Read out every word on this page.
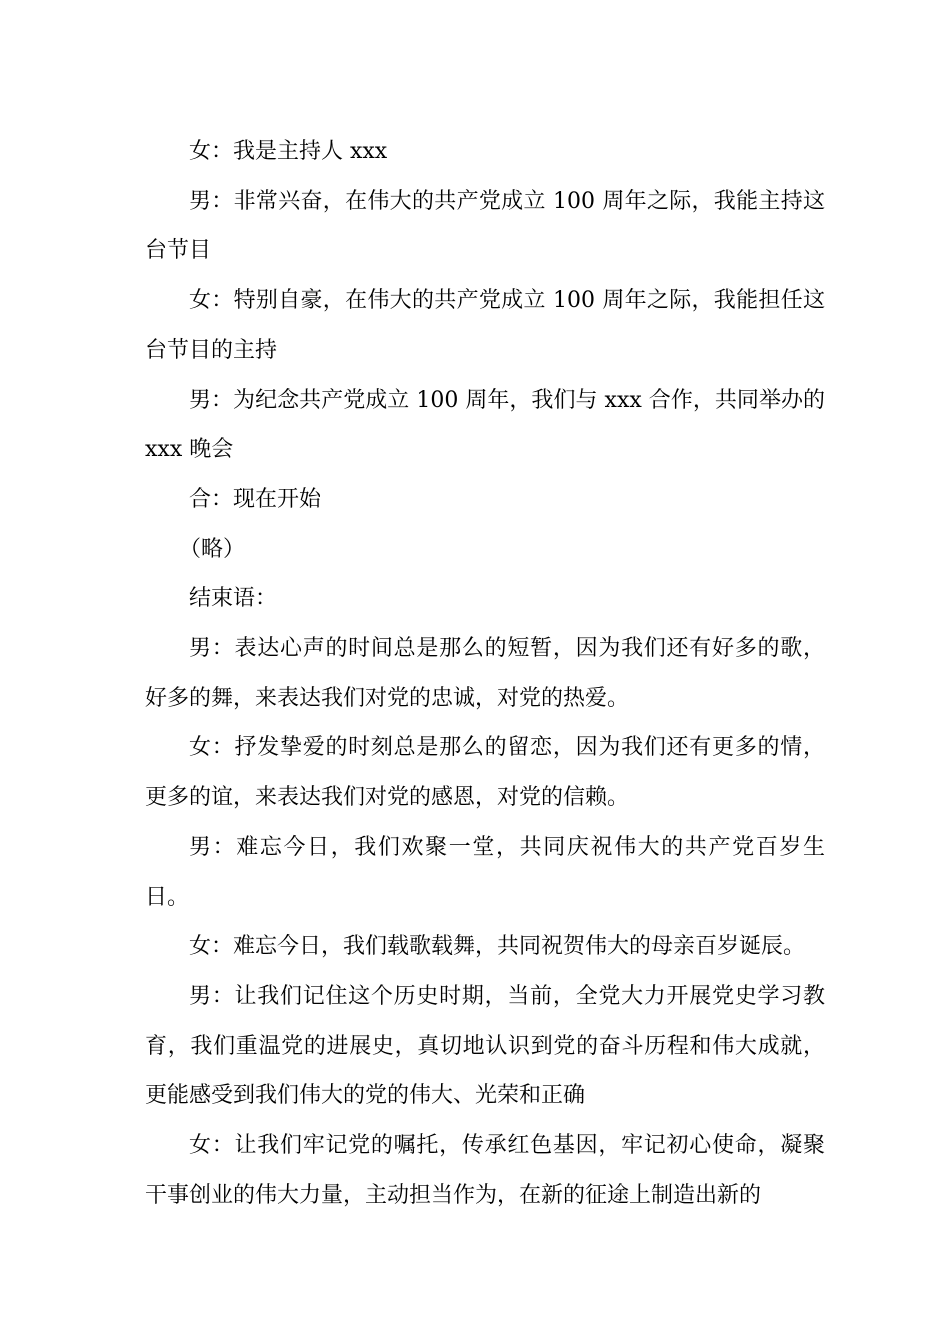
女：我是主持人 xxx

男：非常兴奋，在伟大的共产党成立 100 周年之际，我能主持这台节目

女：特别自豪，在伟大的共产党成立 100 周年之际，我能担任这台节目的主持

男：为纪念共产党成立 100 周年，我们与 xxx 合作，共同举办的 xxx 晚会

合：现在开始

（略）

结束语：

男：表达心声的时间总是那么的短暂，因为我们还有好多的歌，好多的舞，来表达我们对党的忠诚，对党的热爱。

女：抒发挚爱的时刻总是那么的留恋，因为我们还有更多的情，更多的谊，来表达我们对党的感恩，对党的信赖。

男：难忘今日，我们欢聚一堂，共同庆祝伟大的共产党百岁生日。

女：难忘今日，我们载歌载舞，共同祝贺伟大的母亲百岁诞辰。

男：让我们记住这个历史时期，当前，全党大力开展党史学习教育，我们重温党的进展史，真切地认识到党的奋斗历程和伟大成就，更能感受到我们伟大的党的伟大、光荣和正确

女：让我们牢记党的嘱托，传承红色基因，牢记初心使命，凝聚干事创业的伟大力量，主动担当作为，在新的征途上制造出新的
